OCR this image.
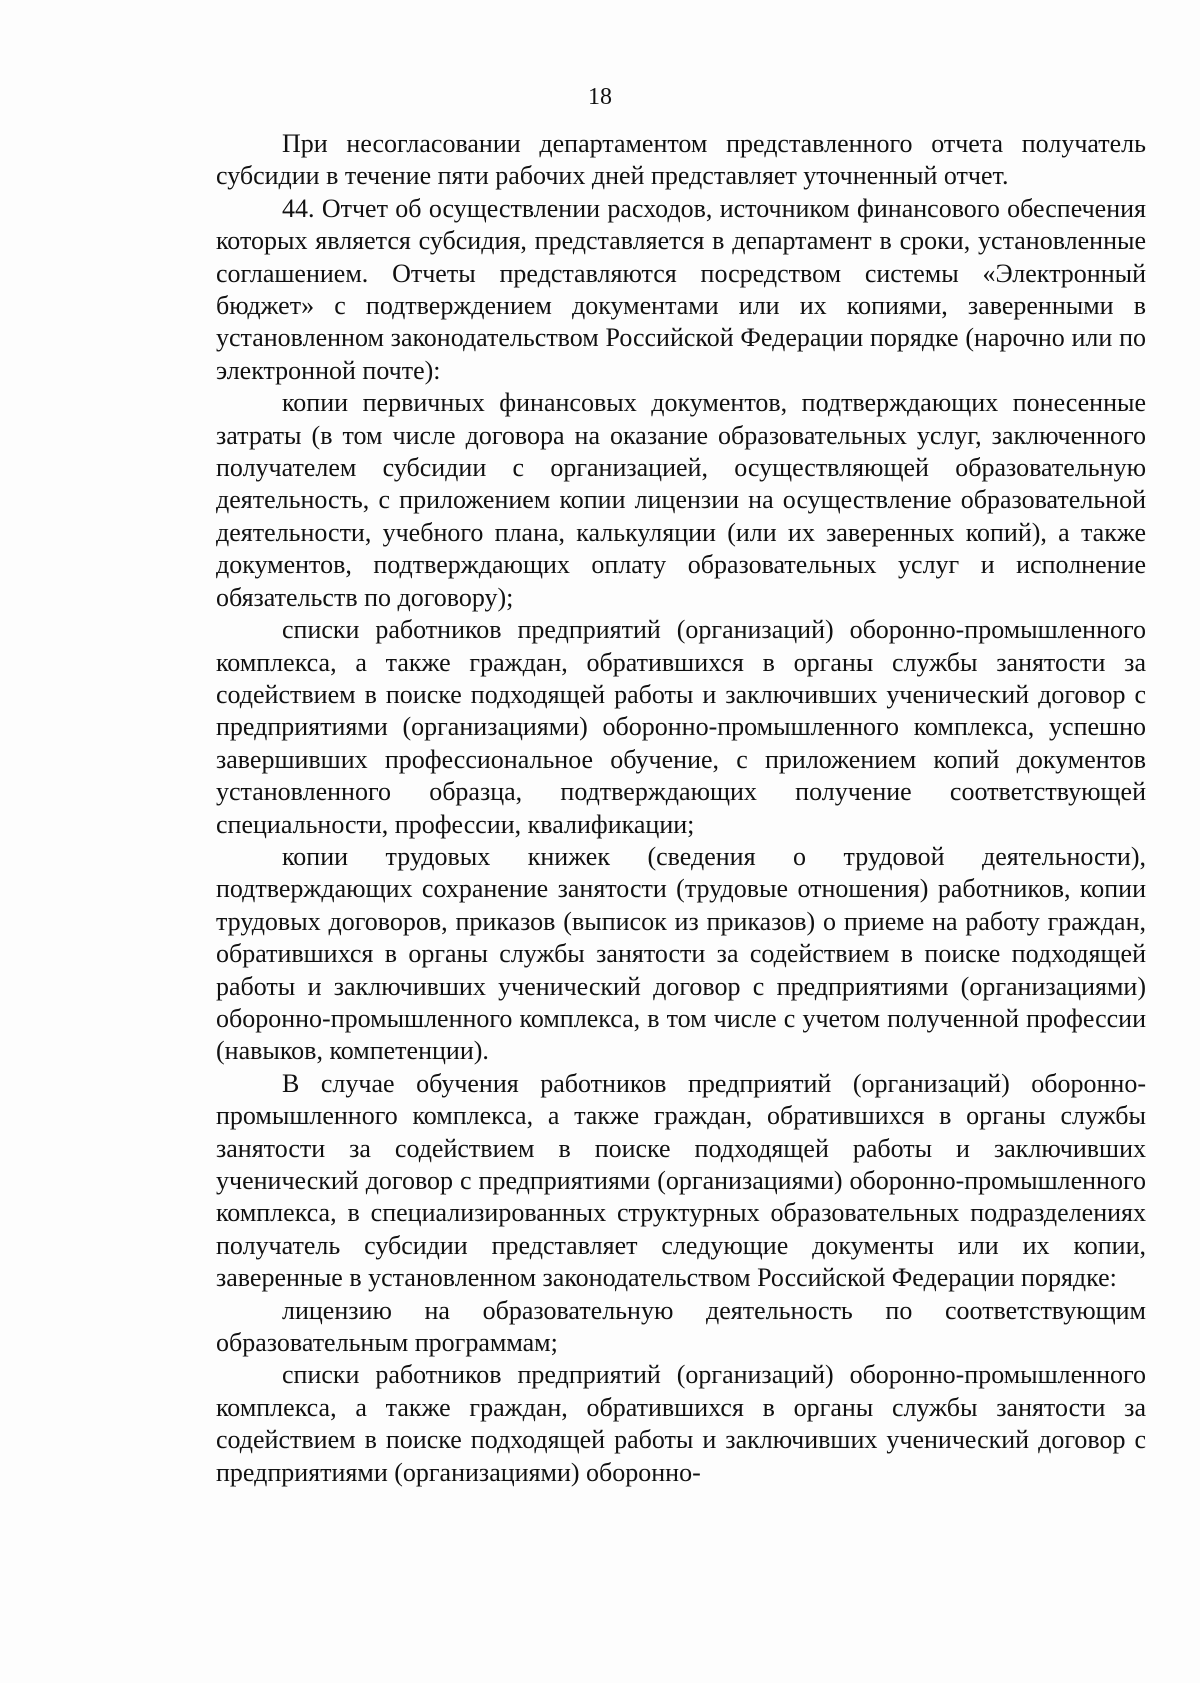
18

При несогласовании департаментом представленного отчета получатель субсидии в течение пяти рабочих дней представляет уточненный отчет.

44. Отчет об осуществлении расходов, источником финансового обеспечения которых является субсидия, представляется в департамент в сроки, установленные соглашением. Отчеты представляются посредством системы «Электронный бюджет» с подтверждением документами или их копиями, заверенными в установленном законодательством Российской Федерации порядке (нарочно или по электронной почте):

копии первичных финансовых документов, подтверждающих понесенные затраты (в том числе договора на оказание образовательных услуг, заключенного получателем субсидии с организацией, осуществляющей образовательную деятельность, с приложением копии лицензии на осуществление образовательной деятельности, учебного плана, калькуляции (или их заверенных копий), а также документов, подтверждающих оплату образовательных услуг и исполнение обязательств по договору);

списки работников предприятий (организаций) оборонно-промышленного комплекса, а также граждан, обратившихся в органы службы занятости за содействием в поиске подходящей работы и заключивших ученический договор с предприятиями (организациями) оборонно-промышленного комплекса, успешно завершивших профессиональное обучение, с приложением копий документов установленного образца, подтверждающих получение соответствующей специальности, профессии, квалификации;

копии трудовых книжек (сведения о трудовой деятельности), подтверждающих сохранение занятости (трудовые отношения) работников, копии трудовых договоров, приказов (выписок из приказов) о приеме на работу граждан, обратившихся в органы службы занятости за содействием в поиске подходящей работы и заключивших ученический договор с предприятиями (организациями) оборонно-промышленного комплекса, в том числе с учетом полученной профессии (навыков, компетенции).

В случае обучения работников предприятий (организаций) оборонно-промышленного комплекса, а также граждан, обратившихся в органы службы занятости за содействием в поиске подходящей работы и заключивших ученический договор с предприятиями (организациями) оборонно-промышленного комплекса, в специализированных структурных образовательных подразделениях получатель субсидии представляет следующие документы или их копии, заверенные в установленном законодательством Российской Федерации порядке:

лицензию на образовательную деятельность по соответствующим образовательным программам;

списки работников предприятий (организаций) оборонно-промышленного комплекса, а также граждан, обратившихся в органы службы занятости за содействием в поиске подходящей работы и заключивших ученический договор с предприятиями (организациями) оборонно-
